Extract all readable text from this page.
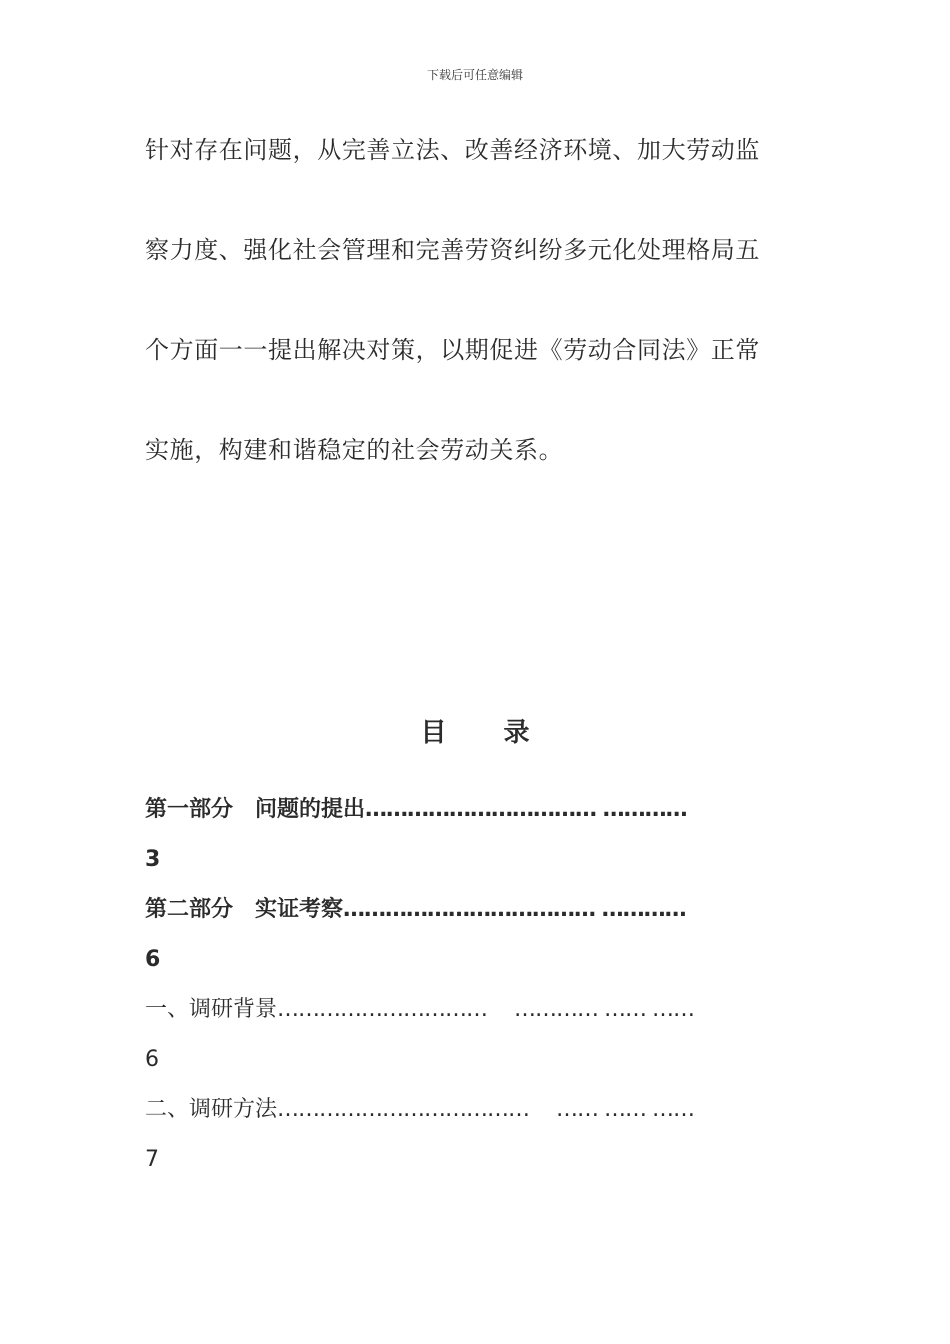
下载后可任意编辑
针对存在问题，从完善立法、改善经济环境、加大劳动监
察力度、强化社会管理和完善劳资纠纷多元化处理格局五
个方面一一提出解决对策，以期促进《劳动合同法》正常
实施，构建和谐稳定的社会劳动关系。
目 录
第一部分　问题的提出…………………………… …………
3
第二部分　实证考察……………………………… …………
6
一、调研背景…………………………　 ………… …… ……
6
二、调研方法………………………………　 …… …… ……
7
